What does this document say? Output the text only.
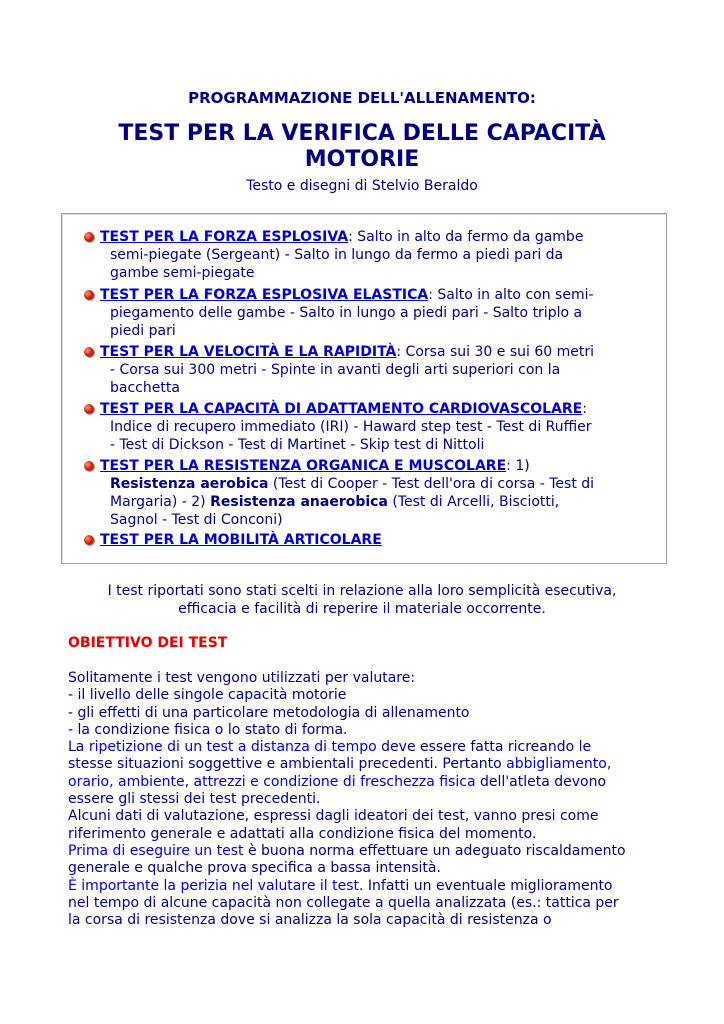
PROGRAMMAZIONE DELL'ALLENAMENTO:
TEST PER LA VERIFICA DELLE CAPACITÀ
MOTORIE
Testo e disegni di Stelvio Beraldo
TEST PER LA FORZA ESPLOSIVA: Salto in alto da fermo da gambe
semi-piegate (Sergeant) - Salto in lungo da fermo a piedi pari da
gambe semi-piegate
TEST PER LA FORZA ESPLOSIVA ELASTICA: Salto in alto con semi-
piegamento delle gambe - Salto in lungo a piedi pari - Salto triplo a
piedi pari
TEST PER LA VELOCITÀ E LA RAPIDITÀ: Corsa sui 30 e sui 60 metri
- Corsa sui 300 metri - Spinte in avanti degli arti superiori con la
bacchetta
TEST PER LA CAPACITÀ DI ADATTAMENTO CARDIOVASCOLARE:
Indice di recupero immediato (IRI) - Haward step test - Test di Ruffier
- Test di Dickson - Test di Martinet - Skip test di Nittoli
TEST PER LA RESISTENZA ORGANICA E MUSCOLARE: 1)
Resistenza aerobica (Test di Cooper - Test dell'ora di corsa - Test di
Margaria) - 2) Resistenza anaerobica (Test di Arcelli, Bisciotti,
Sagnol - Test di Conconi)
TEST PER LA MOBILITÀ ARTICOLARE
I test riportati sono stati scelti in relazione alla loro semplicità esecutiva,
efficacia e facilità di reperire il materiale occorrente.
OBIETTIVO DEI TEST
Solitamente i test vengono utilizzati per valutare:
- il livello delle singole capacità motorie
- gli effetti di una particolare metodologia di allenamento
- la condizione fisica o lo stato di forma.
La ripetizione di un test a distanza di tempo deve essere fatta ricreando le
stesse situazioni soggettive e ambientali precedenti. Pertanto abbigliamento,
orario, ambiente, attrezzi e condizione di freschezza fisica dell'atleta devono
essere gli stessi dei test precedenti.
Alcuni dati di valutazione, espressi dagli ideatori dei test, vanno presi come
riferimento generale e adattati alla condizione fisica del momento.
Prima di eseguire un test è buona norma effettuare un adeguato riscaldamento
generale e qualche prova specifica a bassa intensità.
È importante la perizia nel valutare il test. Infatti un eventuale miglioramento
nel tempo di alcune capacità non collegate a quella analizzata (es.: tattica per
la corsa di resistenza dove si analizza la sola capacità di resistenza o
